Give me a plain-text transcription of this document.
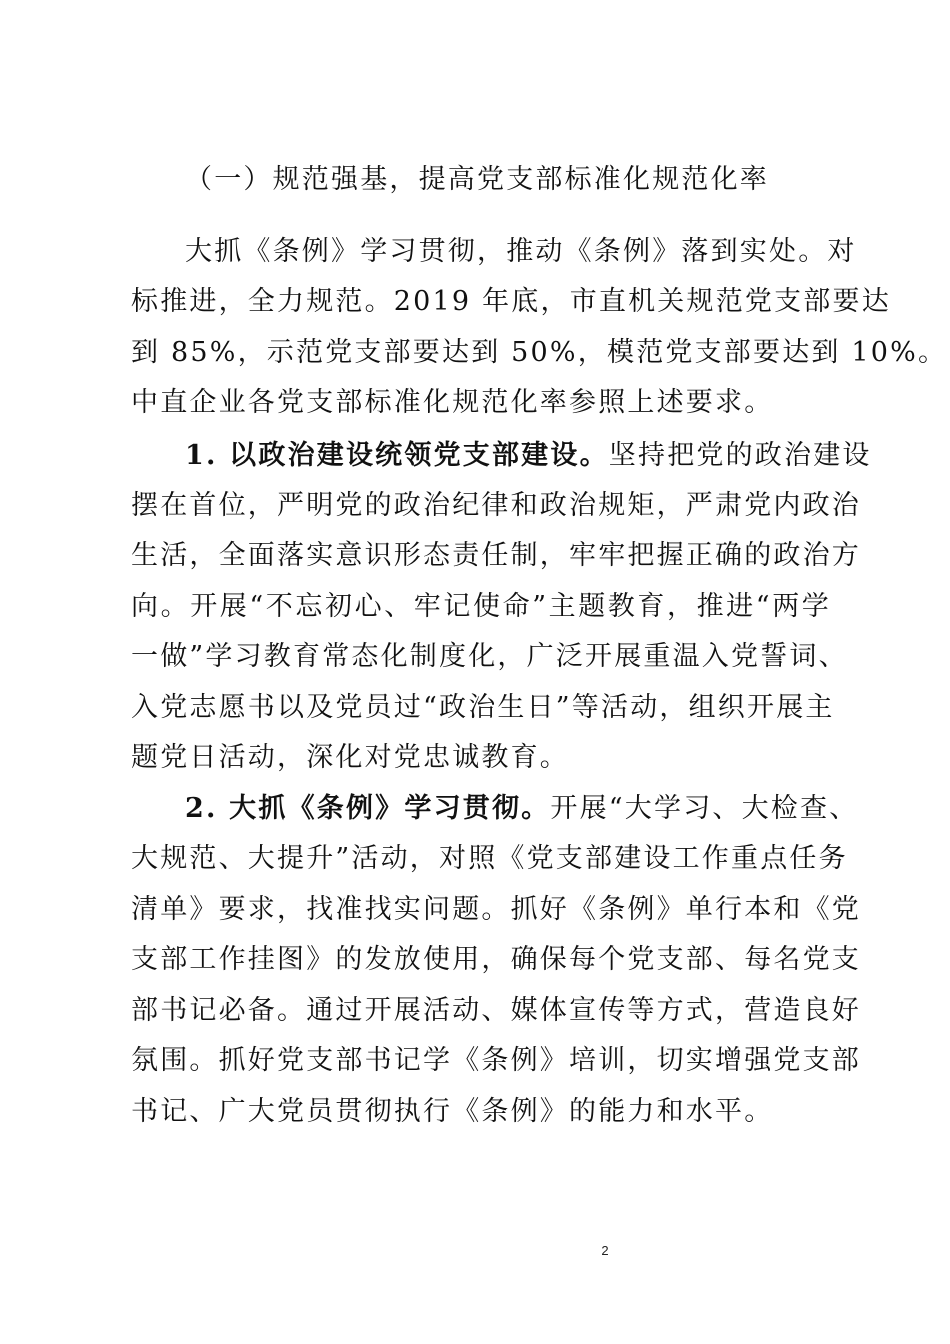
（一）规范强基，提高党支部标准化规范化率
大抓《条例》学习贯彻，推动《条例》落到实处。对
标推进，全力规范。2019 年底，市直机关规范党支部要达
到 85%，示范党支部要达到 50%，模范党支部要达到 10%。
中直企业各党支部标准化规范化率参照上述要求。
1. 以政治建设统领党支部建设。坚持把党的政治建设
摆在首位，严明党的政治纪律和政治规矩，严肃党内政治
生活，全面落实意识形态责任制，牢牢把握正确的政治方
向。开展“不忘初心、牢记使命”主题教育，推进“两学
一做”学习教育常态化制度化，广泛开展重温入党誓词、
入党志愿书以及党员过“政治生日”等活动，组织开展主
题党日活动，深化对党忠诚教育。
2. 大抓《条例》学习贯彻。开展“大学习、大检查、
大规范、大提升”活动，对照《党支部建设工作重点任务
清单》要求，找准找实问题。抓好《条例》单行本和《党
支部工作挂图》的发放使用，确保每个党支部、每名党支
部书记必备。通过开展活动、媒体宣传等方式，营造良好
氛围。抓好党支部书记学《条例》培训，切实增强党支部
书记、广大党员贯彻执行《条例》的能力和水平。
2
